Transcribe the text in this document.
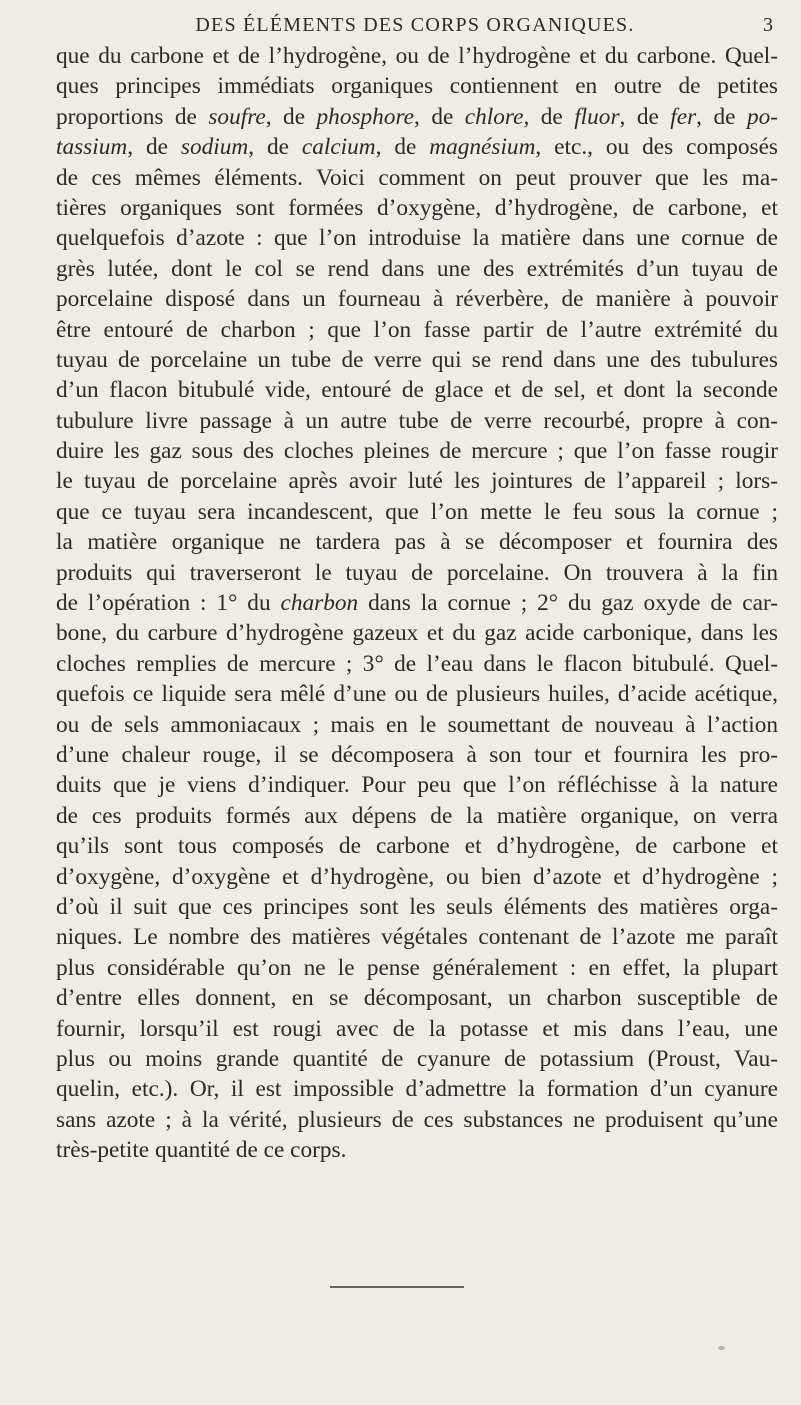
DES ÉLÉMENTS DES CORPS ORGANIQUES.	3
que du carbone et de l’hydrogène, ou de l’hydrogène et du carbone. Quel-
ques principes immédiats organiques contiennent en outre de petites
proportions de soufre, de phosphore, de chlore, de fluor, de fer, de po-
tassium, de sodium, de calcium, de magnésium, etc., ou des composés
de ces mêmes éléments. Voici comment on peut prouver que les ma-
tières organiques sont formées d’oxygène, d’hydrogène, de carbone, et
quelquefois d’azote : que l’on introduise la matière dans une cornue de
grès lutée, dont le col se rend dans une des extrémités d’un tuyau de
porcelaine disposé dans un fourneau à réverbère, de manière à pouvoir
être entouré de charbon ; que l’on fasse partir de l’autre extrémité du
tuyau de porcelaine un tube de verre qui se rend dans une des tubulures
d’un flacon bitubulé vide, entouré de glace et de sel, et dont la seconde
tubulure livre passage à un autre tube de verre recourbé, propre à con-
duire les gaz sous des cloches pleines de mercure ; que l’on fasse rougir
le tuyau de porcelaine après avoir luté les jointures de l’appareil ; lors-
que ce tuyau sera incandescent, que l’on mette le feu sous la cornue ;
la matière organique ne tardera pas à se décomposer et fournira des
produits qui traverseront le tuyau de porcelaine. On trouvera à la fin
de l’opération : 1° du charbon dans la cornue ; 2° du gaz oxyde de car-
bone, du carbure d’hydrogène gazeux et du gaz acide carbonique, dans les
cloches remplies de mercure ; 3° de l’eau dans le flacon bitubulé. Quel-
quefois ce liquide sera mêlé d’une ou de plusieurs huiles, d’acide acétique,
ou de sels ammoniacaux ; mais en le soumettant de nouveau à l’action
d’une chaleur rouge, il se décomposera à son tour et fournira les pro-
duits que je viens d’indiquer. Pour peu que l’on réfléchisse à la nature
de ces produits formés aux dépens de la matière organique, on verra
qu’ils sont tous composés de carbone et d’hydrogène, de carbone et
d’oxygène, d’oxygène et d’hydrogène, ou bien d’azote et d’hydrogène ;
d’où il suit que ces principes sont les seuls éléments des matières orga-
niques. Le nombre des matières végétales contenant de l’azote me paraît
plus considérable qu’on ne le pense généralement : en effet, la plupart
d’entre elles donnent, en se décomposant, un charbon susceptible de
fournir, lorsqu’il est rougi avec de la potasse et mis dans l’eau, une
plus ou moins grande quantité de cyanure de potassium (Proust, Vau-
quelin, etc.). Or, il est impossible d’admettre la formation d’un cyanure
sans azote ; à la vérité, plusieurs de ces substances ne produisent qu’une
très-petite quantité de ce corps.
